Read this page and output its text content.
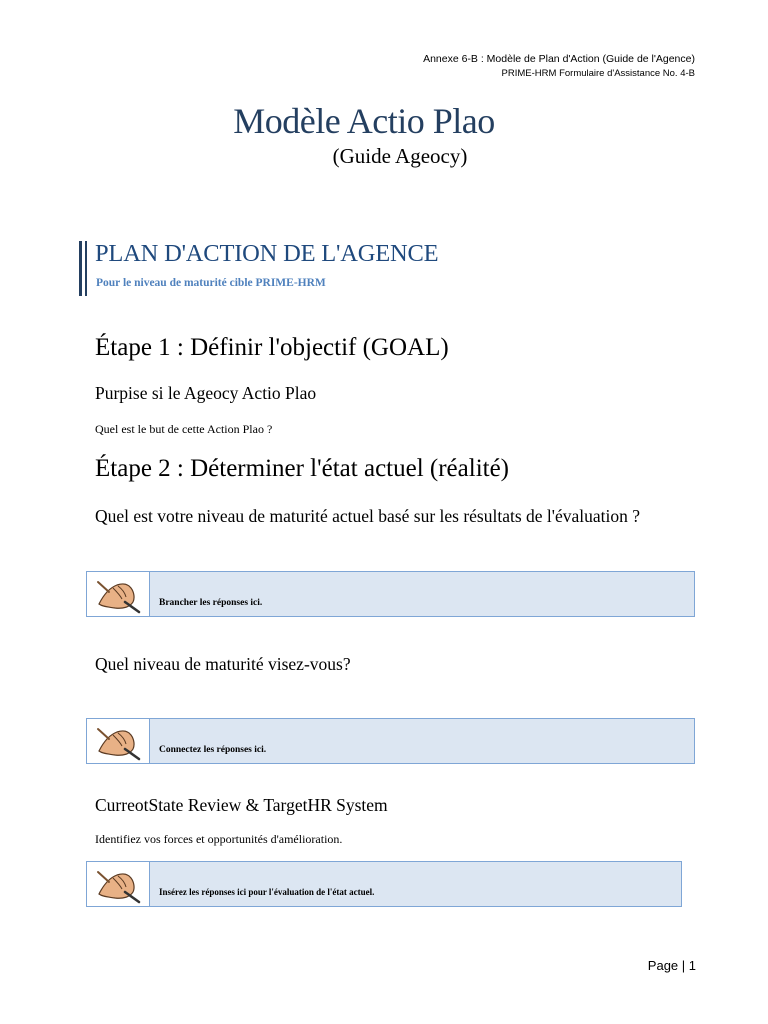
Annexe 6-B : Modèle de Plan d'Action (Guide de l'Agence)
PRIME-HRM Formulaire d'Assistance No. 4-B
Modèle Actio Plao
(Guide Ageocy)
PLAN D'ACTION DE L'AGENCE
Pour le niveau de maturité cible PRIME-HRM
Étape 1 : Définir l'objectif (GOAL)
Purpise si le Ageocy Actio Plao
Quel est le but de cette Action Plao ?
Étape 2 : Déterminer l'état actuel (réalité)
Quel est votre niveau de maturité actuel basé sur les résultats de l'évaluation ?
Brancher les réponses ici.
Quel niveau de maturité visez-vous?
Connectez les réponses ici.
CurreotState Review & TargetHR System
Identifiez vos forces et opportunités d'amélioration.
Insérez les réponses ici pour l'évaluation de l'état actuel.
Page | 1
